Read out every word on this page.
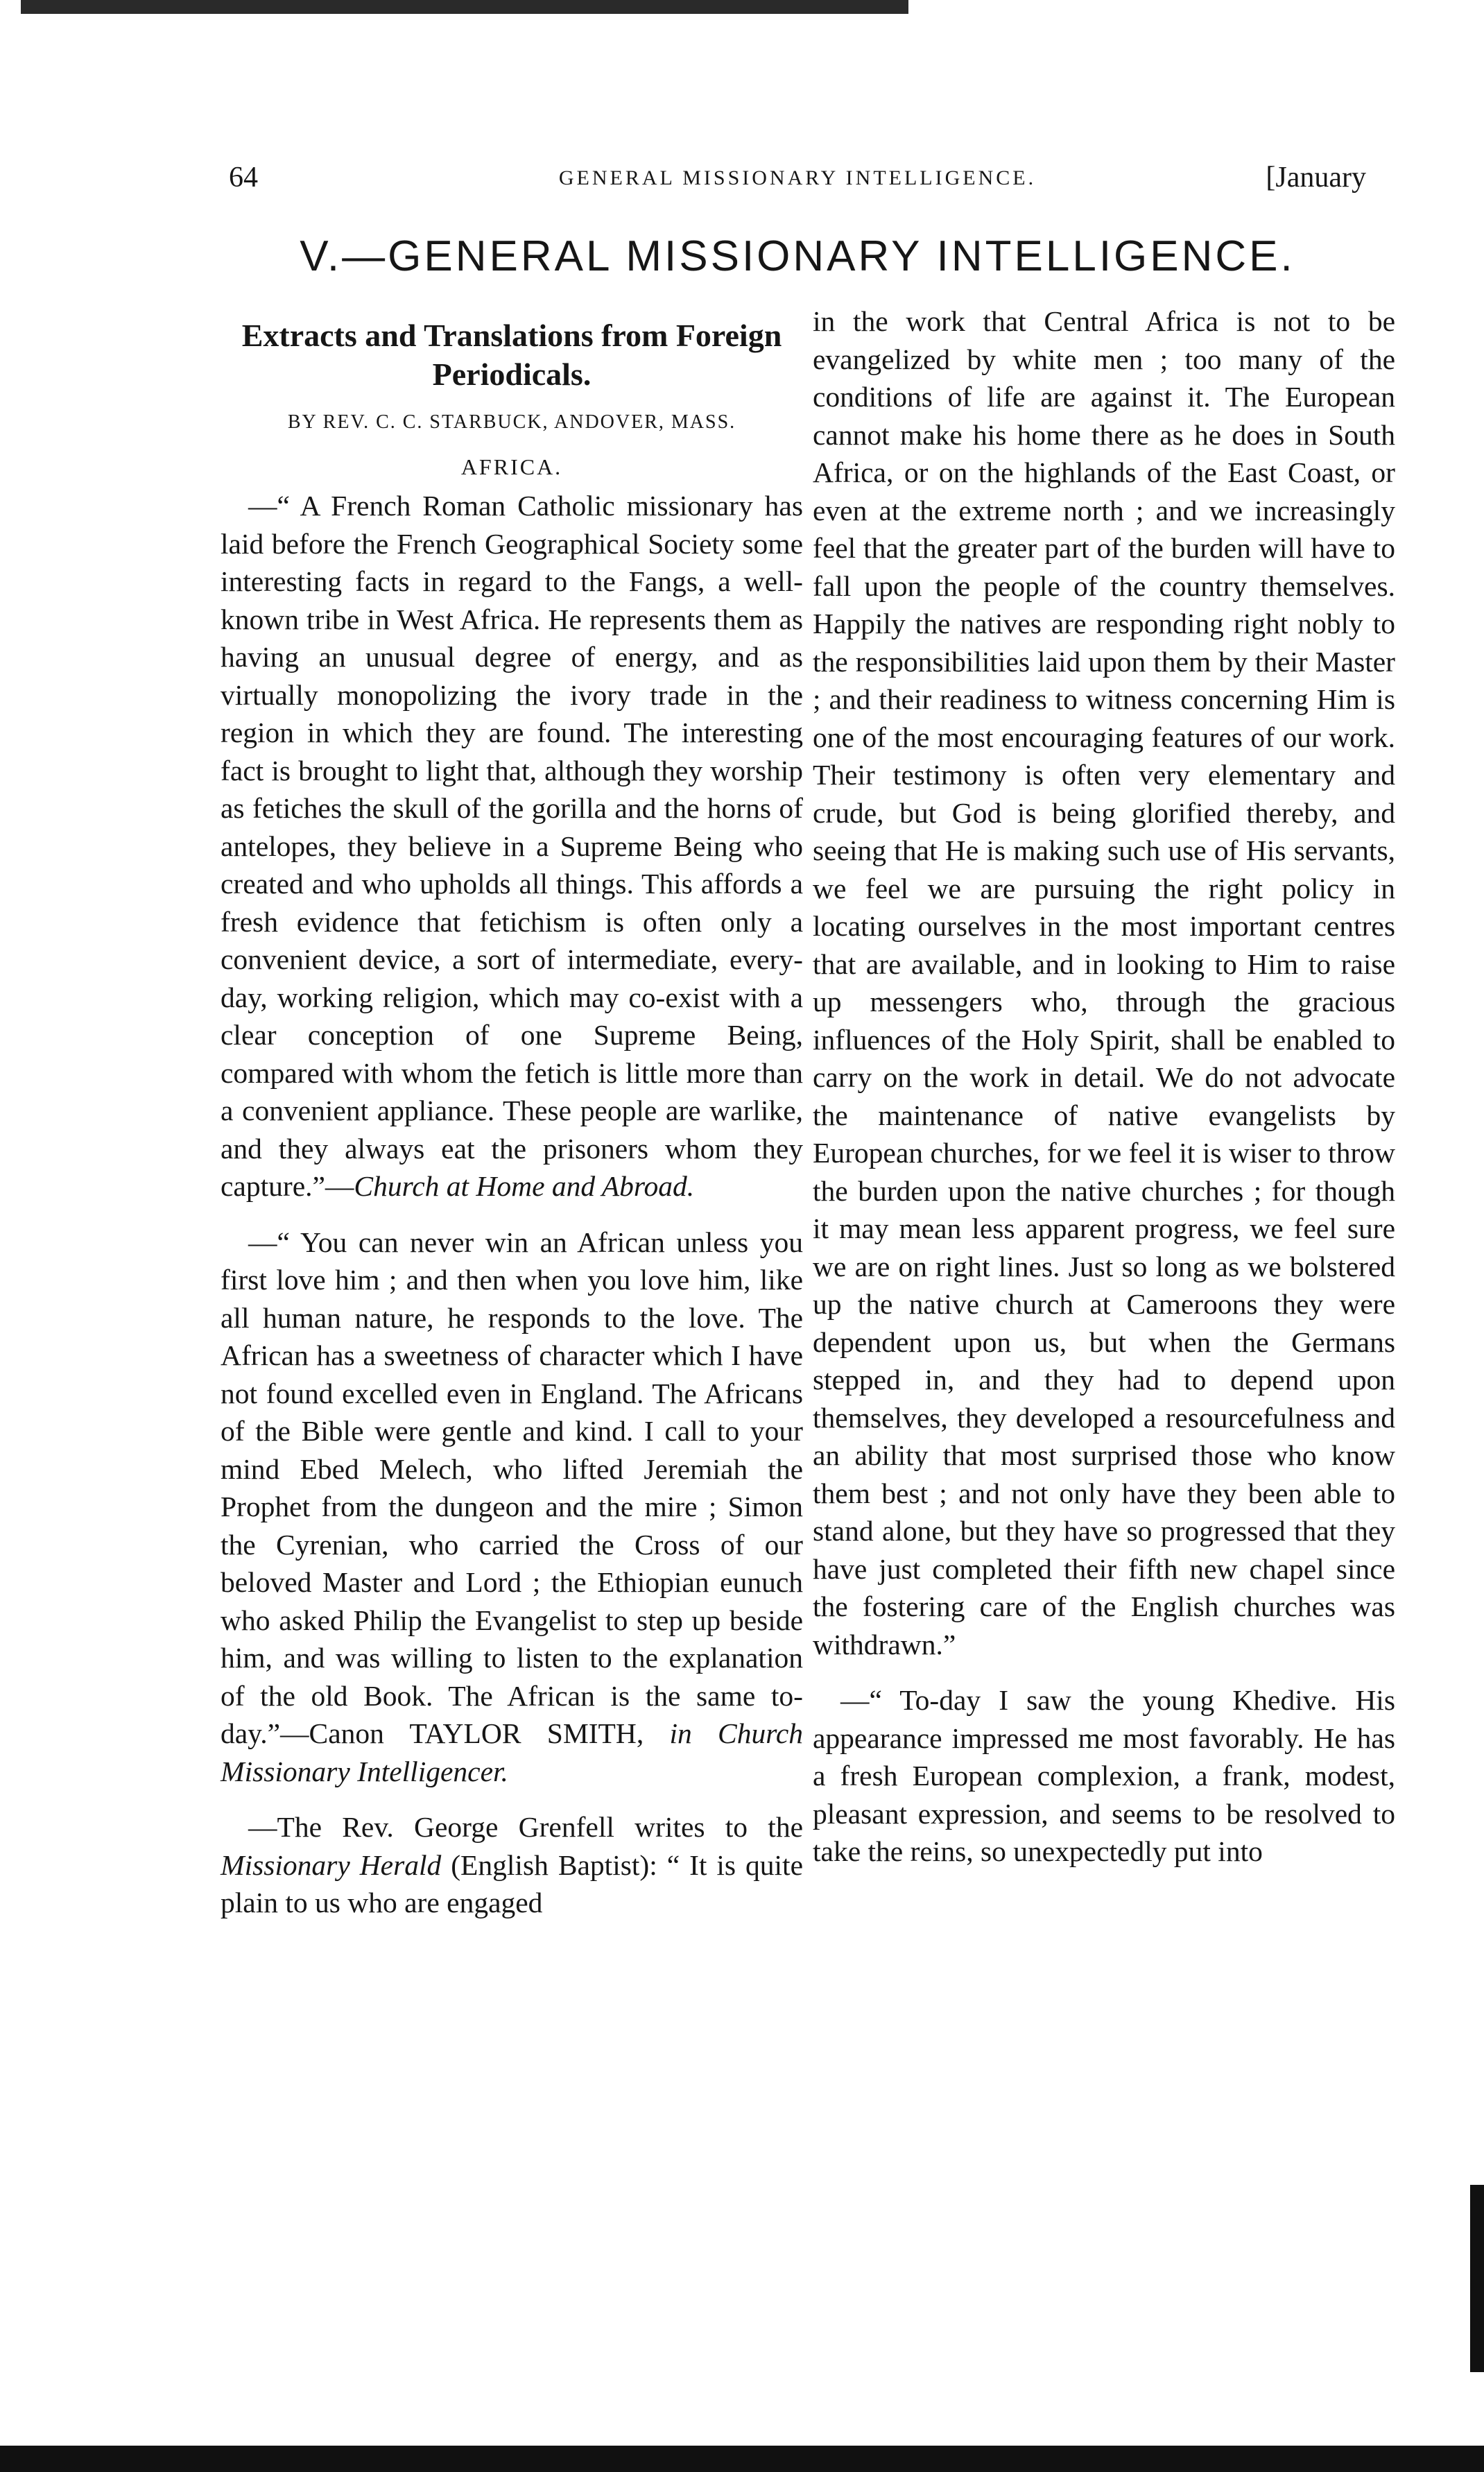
64	GENERAL MISSIONARY INTELLIGENCE.	[January
V.—GENERAL MISSIONARY INTELLIGENCE.
Extracts and Translations from Foreign Periodicals.
BY REV. C. C. STARBUCK, ANDOVER, MASS.
AFRICA.

—“ A French Roman Catholic missionary has laid before the French Geographical Society some interesting facts in regard to the Fangs, a well-known tribe in West Africa. He represents them as having an unusual degree of energy, and as virtually monopolizing the ivory trade in the region in which they are found. The interesting fact is brought to light that, although they worship as fetiches the skull of the gorilla and the horns of antelopes, they believe in a Supreme Being who created and who upholds all things. This affords a fresh evidence that fetichism is often only a convenient device, a sort of intermediate, every-day, working religion, which may co-exist with a clear conception of one Supreme Being, compared with whom the fetich is little more than a convenient appliance. These people are warlike, and they always eat the prisoners whom they capture.”—Church at Home and Abroad.

—“ You can never win an African unless you first love him ; and then when you love him, like all human nature, he responds to the love. The African has a sweetness of character which I have not found excelled even in England. The Africans of the Bible were gentle and kind. I call to your mind Ebed Melech, who lifted Jeremiah the Prophet from the dungeon and the mire ; Simon the Cyrenian, who carried the Cross of our beloved Master and Lord ; the Ethiopian eunuch who asked Philip the Evangelist to step up beside him, and was willing to listen to the explanation of the old Book. The African is the same to-day.”—Canon TAYLOR SMITH, in Church Missionary Intelligencer.

—The Rev. George Grenfell writes to the Missionary Herald (English Baptist): “ It is quite plain to us who are engaged

in the work that Central Africa is not to be evangelized by white men ; too many of the conditions of life are against it. The European cannot make his home there as he does in South Africa, or on the highlands of the East Coast, or even at the extreme north ; and we increasingly feel that the greater part of the burden will have to fall upon the people of the country themselves. Happily the natives are responding right nobly to the responsibilities laid upon them by their Master ; and their readiness to witness concerning Him is one of the most encouraging features of our work. Their testimony is often very elementary and crude, but God is being glorified thereby, and seeing that He is making such use of His servants, we feel we are pursuing the right policy in locating ourselves in the most important centres that are available, and in looking to Him to raise up messengers who, through the gracious influences of the Holy Spirit, shall be enabled to carry on the work in detail. We do not advocate the maintenance of native evangelists by European churches, for we feel it is wiser to throw the burden upon the native churches ; for though it may mean less apparent progress, we feel sure we are on right lines. Just so long as we bolstered up the native church at Cameroons they were dependent upon us, but when the Germans stepped in, and they had to depend upon themselves, they developed a resourcefulness and an ability that most surprised those who know them best ; and not only have they been able to stand alone, but they have so progressed that they have just completed their fifth new chapel since the fostering care of the English churches was withdrawn.”

—“ To-day I saw the young Khedive. His appearance impressed me most favorably. He has a fresh European complexion, a frank, modest, pleasant expression, and seems to be resolved to take the reins, so unexpectedly put into
